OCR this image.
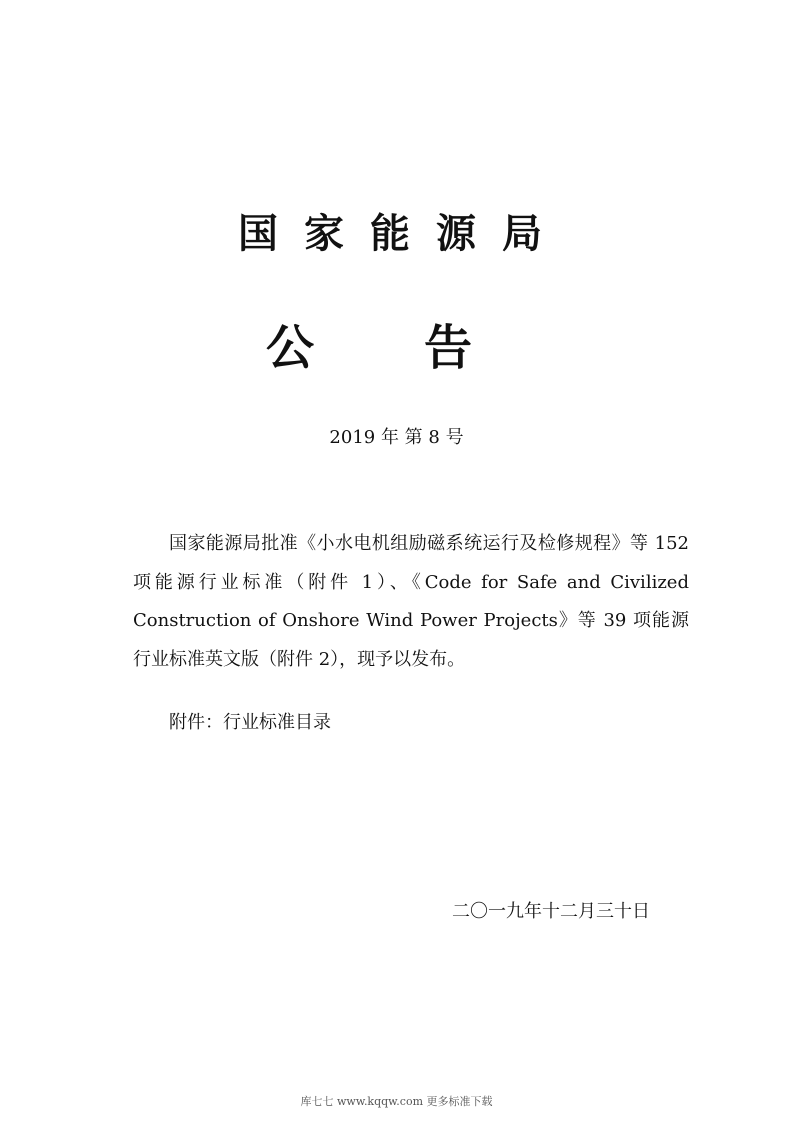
国家能源局
公告
2019 年 第 8 号

国家能源局批准《小水电机组励磁系统运行及检修规程》等 152 项能源行业标准（附件 1）、《Code for Safe and Civilized Construction of Onshore Wind Power Projects》等 39 项能源行业标准英文版（附件 2），现予以发布。

附件：行业标准目录
二〇一九年十二月三十日
库七七 www.kqqw.com 更多标准下载
